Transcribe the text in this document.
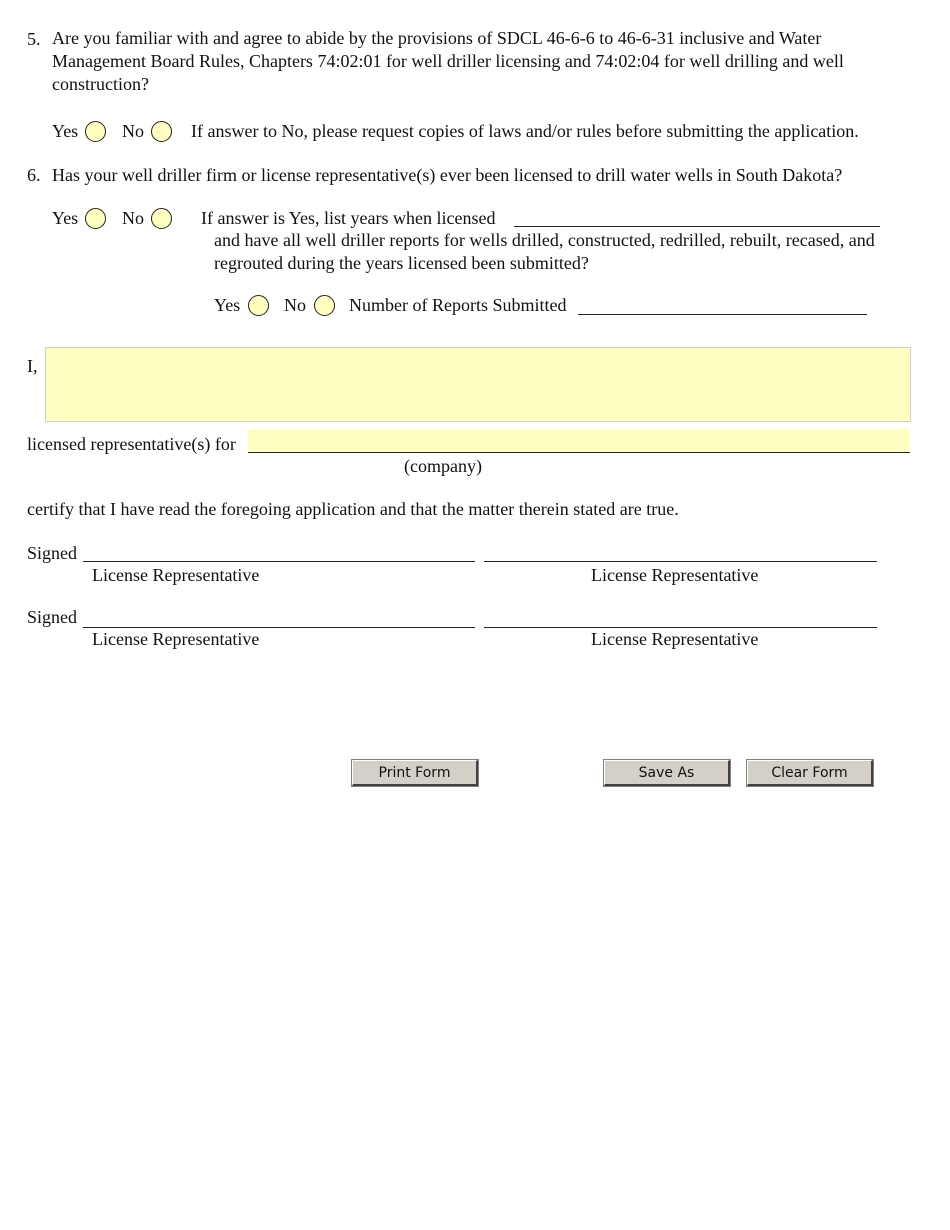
5. Are you familiar with and agree to abide by the provisions of SDCL 46-6-6 to 46-6-31 inclusive and Water
Management Board Rules, Chapters 74:02:01 for well driller licensing and 74:02:04 for well drilling and well
construction?
Yes No	If answer to No, please request copies of laws and/or rules before submitting the application.
6. Has your well driller firm or license representative(s) ever been licensed to drill water wells in South Dakota?
Yes No	If answer is Yes, list years when licensed
and have all well driller reports for wells drilled, constructed, redrilled, rebuilt, recased, and
regrouted during the years licensed been submitted?
Yes No Number of Reports Submitted
I,
licensed representative(s) for
(company)
certify that I have read the foregoing application and that the matter therein stated are true.
Signed
License Representative	License Representative
Signed
License Representative	License Representative
Print Form	Save As	Clear Form
